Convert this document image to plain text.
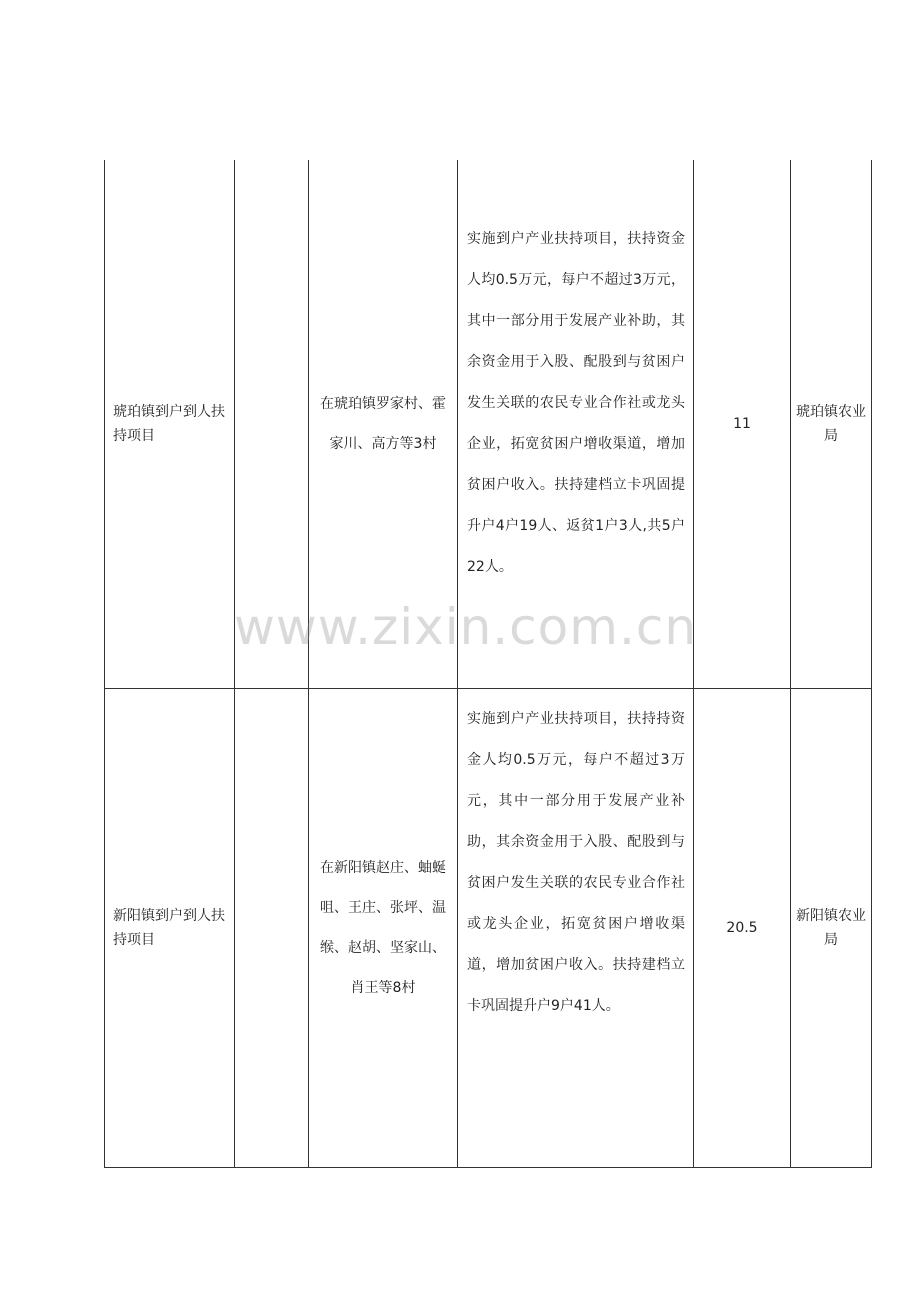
琥珀镇到户到人扶持项目		在琥珀镇罗家村、霍家川、高方等3村	实施到户产业扶持项目，扶持资金人均0.5万元，每户不超过3万元，其中一部分用于发展产业补助，其余资金用于入股、配股到与贫困户发生关联的农民专业合作社或龙头企业，拓宽贫困户增收渠道，增加贫困户收入。扶持建档立卡巩固提升户4户19人、返贫1户3人,共5户22人。	11	琥珀镇农业局
新阳镇到户到人扶持项目		在新阳镇赵庄、蚰蜒咀、王庄、张坪、温缑、赵胡、坚家山、肖王等8村	实施到户产业扶持项目，扶持持资金人均0.5万元，每户不超过3万元，其中一部分用于发展产业补助，其余资金用于入股、配股到与贫困户发生关联的农民专业合作社或龙头企业，拓宽贫困户增收渠道，增加贫困户收入。扶持建档立卡巩固提升户9户41人。	20.5	新阳镇农业局
www.zixin.com.cn
